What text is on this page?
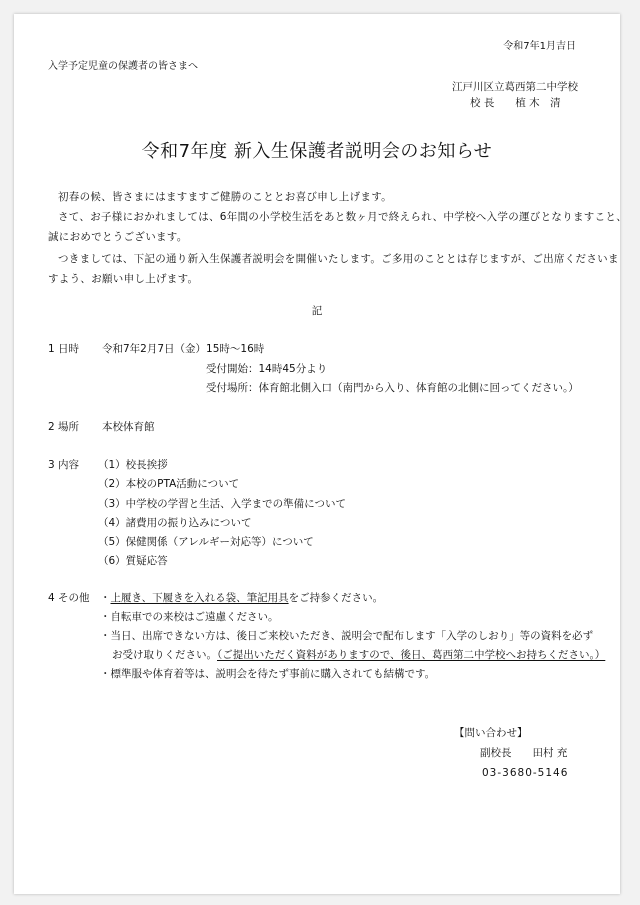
令和7年1月吉日
入学予定児童の保護者の皆さまへ
江戸川区立葛西第二中学校
校 長　　植 木　清
令和7年度 新入生保護者説明会のお知らせ
初春の候、皆さまにはますますご健勝のこととお喜び申し上げます。
さて、お子様におかれましては、6年間の小学校生活をあと数ヶ月で終えられ、中学校へ入学の運びとなりますこと、
誠におめでとうございます。
つきましては、下記の通り新入生保護者説明会を開催いたします。ご多用のこととは存じますが、ご出席くださいま
すよう、お願い申し上げます。
記
1 日時 令和7年2月7日（金）15時～16時
受付開始：14時45分より
受付場所：体育館北側入口（南門から入り、体育館の北側に回ってください。）
2 場所 本校体育館
3 内容 （1）校長挨拶
（2）本校のPTA活動について
（3）中学校の学習と生活、入学までの準備について
（4）諸費用の振り込みについて
（5）保健関係（アレルギー対応等）について
（6）質疑応答
4 その他 ・上履き、下履きを入れる袋、筆記用具をご持参ください。
・自転車での来校はご遠慮ください。
・当日、出席できない方は、後日ご来校いただき、説明会で配布します「入学のしおり」等の資料を必ず
お受け取りください。（ご提出いただく資料がありますので、後日、葛西第二中学校へお持ちください。）
・標準服や体育着等は、説明会を待たず事前に購入されても結構です。
【問い合わせ】
副校長　　田村 充
03-3680-5146
